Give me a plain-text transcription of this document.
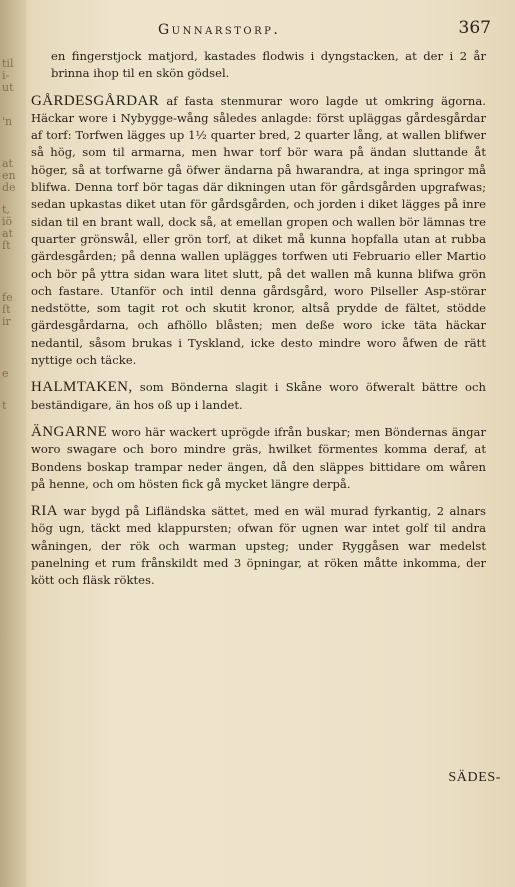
til
i-
ut
'n
at
en
de
t,
iö
at
ſt
fe
ſt
ir
e
t
Gunnarstorp.	367

en fingerstjock matjord, kastades flodwis i dyngstacken, at der i 2 år brinna ihop til en skön gödsel.

GÅRDESGÅRDAR af fasta stenmurar woro lagde ut omkring ägorna. Häckar wore i Nybygge-wång således anlagde: först upläggas gårdesgårdar af torf: Torfwen lägges up 1½ quarter bred, 2 quarter lång, at wallen blifwer så hög, som til armarna, men hwar torf bör wara på ändan sluttande åt höger, så at torfwarne gå öfwer ändarna på hwarandra, at inga springor må blifwa. Denna torf bör tagas där dikningen utan för gårdsgården upgrafwas; sedan upkastas diket utan för gårdsgården, och jorden i diket lägges på inre sidan til en brant wall, dock så, at emellan gropen och wallen bör lämnas tre quarter grönswål, eller grön torf, at diket må kunna hopfalla utan at rubba gärdesgården; på denna wallen uplägges torfwen uti Februario eller Martio och bör på yttra sidan wara litet slutt, på det wallen må kunna blifwa grön och fastare. Utanför och intil denna gårdsgård, woro Pilseller Asp-störar nedstötte, som tagit rot och skutit kronor, altså prydde de fältet, stödde gärdesgårdarna, och afhöllo blåsten; men deße woro icke täta häckar nedantil, såsom brukas i Tyskland, icke desto mindre woro åfwen de rätt nyttige och täcke.

HALMTAKEN, som Bönderna slagit i Skåne woro öfweralt bättre och beständigare, än hos oß up i landet.

ÄNGARNE woro här wackert uprögde ifrån buskar; men Böndernas ängar woro swagare och boro mindre gräs, hwilket förmentes komma deraf, at Bondens boskap trampar neder ängen, då den släppes bittidare om wåren på henne, och om hösten fick gå mycket längre derpå.

RIA war bygd på Lifländska sättet, med en wäl murad fyrkantig, 2 alnars hög ugn, täckt med klappursten; ofwan för ugnen war intet golf til andra wåningen, der rök och warman upsteg; under Ryggåsen war medelst panelning et rum frånskildt med 3 öpningar, at röken måtte inkomma, der kött och fläsk röktes.

SÄDES-
